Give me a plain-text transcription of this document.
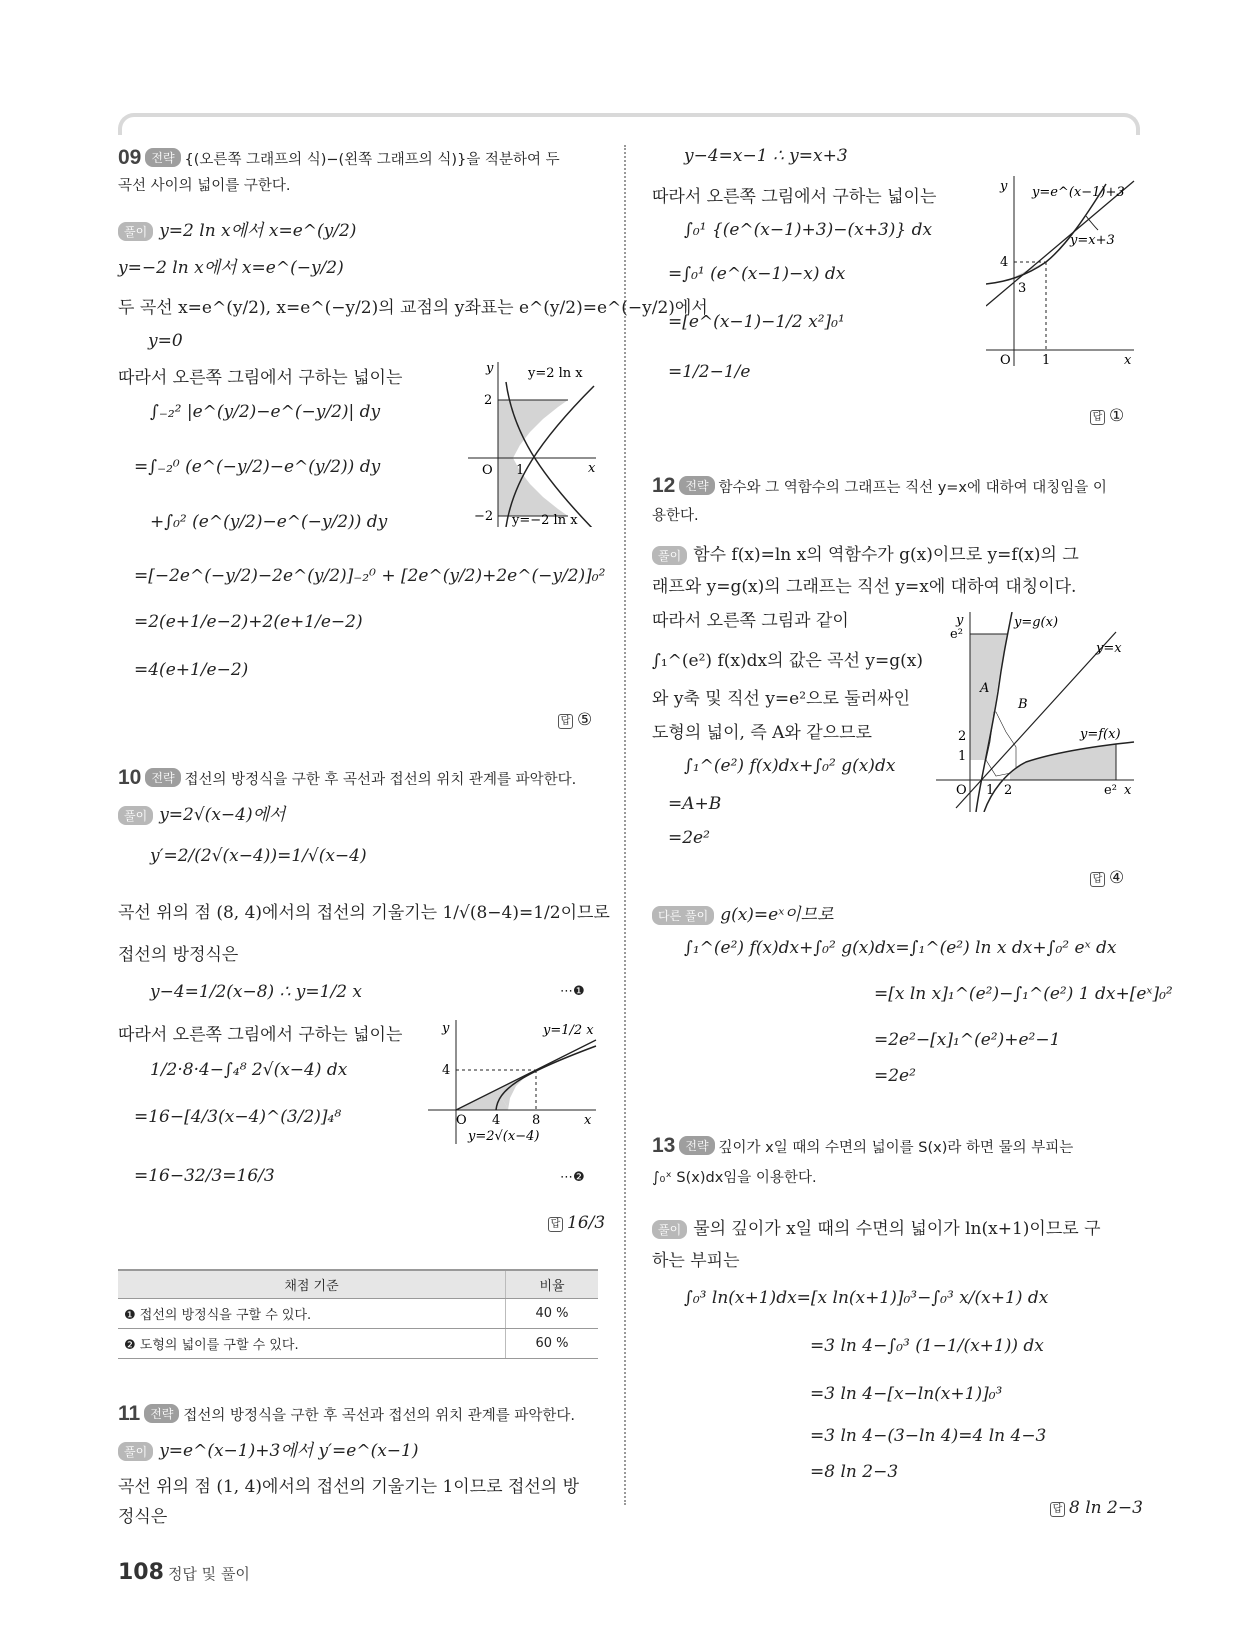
09 전략 {(오른쪽 그래프의 식)−(왼쪽 그래프의 식)}을 적분하여 두
곡선 사이의 넓이를 구한다.
풀이 y=2 ln x에서 x=e^(y/2)
y=−2 ln x에서 x=e^(−y/2)
두 곡선 x=e^(y/2), x=e^(−y/2)의 교점의 y좌표는 e^(y/2)=e^(−y/2)에서
y=0
따라서 오른쪽 그림에서 구하는 넓이는
∫₋₂² |e^(y/2)−e^(−y/2)| dy
=∫₋₂⁰ (e^(−y/2)−e^(y/2)) dy
+∫₀² (e^(y/2)−e^(−y/2)) dy
=[−2e^(−y/2)−2e^(y/2)]₋₂⁰ + [2e^(y/2)+2e^(−y/2)]₀²
=2(e+1/e−2)+2(e+1/e−2)
=4(e+1/e−2)
답 ⑤
y=2 ln x
y
x
O
2
1
−2 y=−2 ln x
10 전략 접선의 방정식을 구한 후 곡선과 접선의 위치 관계를 파악한다.
풀이 y=2√(x−4)에서
y′=2/(2√(x−4))=1/√(x−4)
곡선 위의 점 (8, 4)에서의 접선의 기울기는 1/√(8−4)=1/2이므로
접선의 방정식은
y−4=1/2(x−8) ∴ y=1/2 x	⋯❶
따라서 오른쪽 그림에서 구하는 넓이는
1/2·8·4−∫₄⁸ 2√(x−4) dx
=16−[4/3(x−4)^(3/2)]₄⁸
=16−32/3=16/3	⋯❷
답 16/3
y=1/2 x
y
x
O
4
4 8
y=2√(x−4)
채점 기준	비율
❶ 접선의 방정식을 구할 수 있다.	40 %
❷ 도형의 넓이를 구할 수 있다.	60 %
11 전략 접선의 방정식을 구한 후 곡선과 접선의 위치 관계를 파악한다.
풀이 y=e^(x−1)+3에서 y′=e^(x−1)
곡선 위의 점 (1, 4)에서의 접선의 기울기는 1이므로 접선의 방
정식은
y−4=x−1 ∴ y=x+3
따라서 오른쪽 그림에서 구하는 넓이는
∫₀¹ {(e^(x−1)+3)−(x+3)} dx
=∫₀¹ (e^(x−1)−x) dx
=[e^(x−1)−1/2 x²]₀¹
=1/2−1/e
답 ①
y=e^(x−1)+3
y=x+3
y
x
O
4
3
1
12 전략 함수와 그 역함수의 그래프는 직선 y=x에 대하여 대칭임을 이
용한다.
풀이 함수 f(x)=ln x의 역함수가 g(x)이므로 y=f(x)의 그
래프와 y=g(x)의 그래프는 직선 y=x에 대하여 대칭이다.
따라서 오른쪽 그림과 같이
∫₁^(e²) f(x)dx의 값은 곡선 y=g(x)
와 y축 및 직선 y=e²으로 둘러싸인
도형의 넓이, 즉 A와 같으므로
∫₁^(e²) f(x)dx+∫₀² g(x)dx
=A+B
=2e²
답 ④
y=g(x)
y=x
y=f(x)
A
B
y
x
O
e²
2
1
1 2	e²
다른 풀이 g(x)=eˣ이므로
∫₁^(e²) f(x)dx+∫₀² g(x)dx=∫₁^(e²) ln x dx+∫₀² eˣ dx
=[x ln x]₁^(e²)−∫₁^(e²) 1 dx+[eˣ]₀²
=2e²−[x]₁^(e²)+e²−1
=2e²
13 전략 깊이가 x일 때의 수면의 넓이를 S(x)라 하면 물의 부피는
∫₀ˣ S(x)dx임을 이용한다.
풀이 물의 깊이가 x일 때의 수면의 넓이가 ln(x+1)이므로 구
하는 부피는
∫₀³ ln(x+1)dx=[x ln(x+1)]₀³−∫₀³ x/(x+1) dx
=3 ln 4−∫₀³ (1−1/(x+1)) dx
=3 ln 4−[x−ln(x+1)]₀³
=3 ln 4−(3−ln 4)=4 ln 4−3
=8 ln 2−3
답 8 ln 2−3
108 정답 및 풀이
